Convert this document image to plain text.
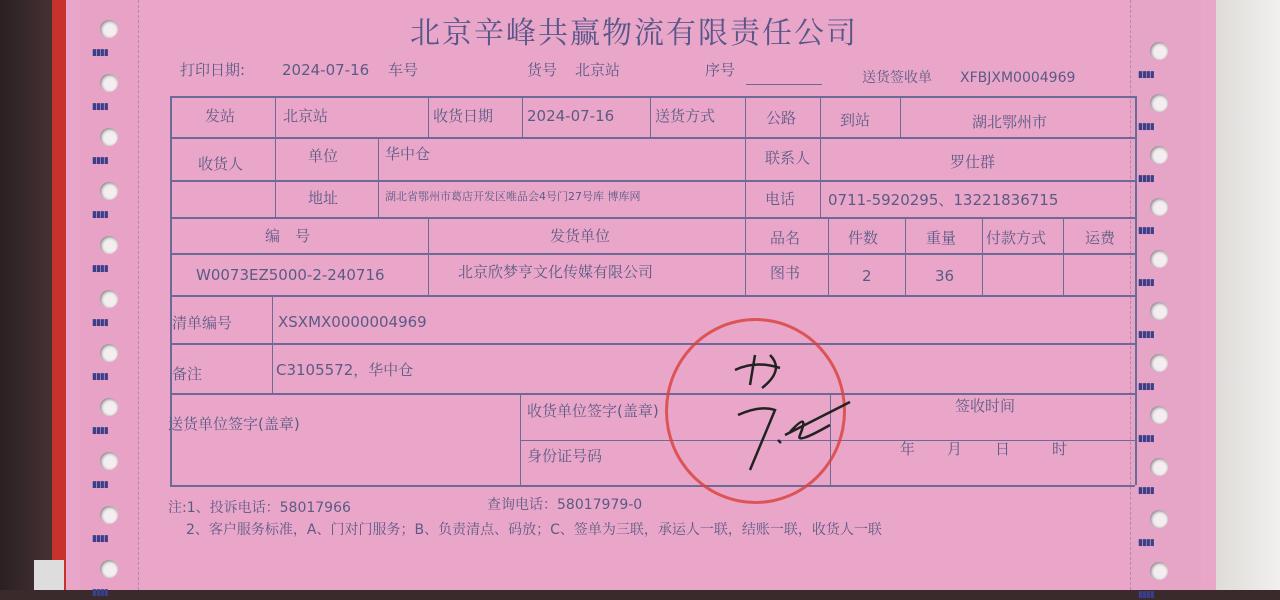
▮▮▮▮
▮▮▮▮
▮▮▮▮
▮▮▮▮
▮▮▮▮
▮▮▮▮
▮▮▮▮
▮▮▮▮
▮▮▮▮
▮▮▮▮
▮▮▮▮
▮▮▮▮
▮▮▮▮
▮▮▮▮
▮▮▮▮
▮▮▮▮
▮▮▮▮
▮▮▮▮
▮▮▮▮	▮▮▮▮
▮▮▮▮	▮▮▮▮
北京辛峰共赢物流有限责任公司
打印日期: 2024-07-16 车号	货号 北京站	序号	送货签收单 XFBJXM0004969
发站	北京站	收货日期 2024-07-16	送货方式	公路	到站	湖北鄂州市
收货人	单位	华中仓	联系人	罗仕群
地址	湖北省鄂州市葛店开发区唯品会4号门27号库 博库网	电话 0711-5920295、13221836715
编　号	发货单位	品名	件数	重量 付款方式	运费
W0073EZ5000-2-240716	北京欣梦亨文化传媒有限公司	图书	2	36
清单编号	XSXMX0000004969
备注	C3105572，华中仓
送货单位签字(盖章)
收货单位签字(盖章)
身份证号码
签收时间
年 月 日	时
注:1、投诉电话：58017966	查询电话：58017979-0
2、客户服务标准，A、门对门服务；B、负责清点、码放；C、签单为三联，承运人一联，结账一联，收货人一联
